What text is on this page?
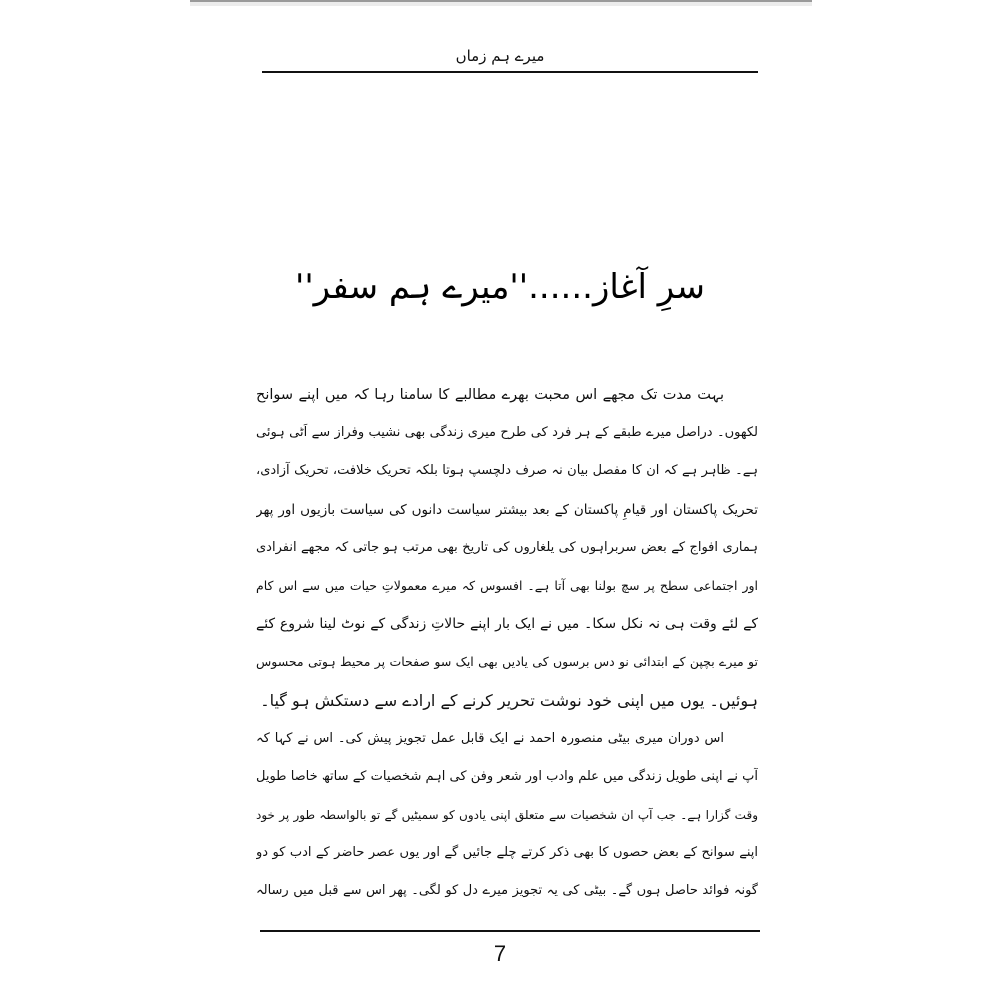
میرے ہم زماں
سرِ آغاز......''میرے ہم سفر''
بہت مدت تک مجھے اس محبت بھرے مطالبے کا سامنا رہا کہ میں اپنے سوانح
لکھوں۔ دراصل میرے طبقے کے ہر فرد کی طرح میری زندگی بھی نشیب وفراز سے اَٹی ہوئی
ہے۔ ظاہر ہے کہ ان کا مفصل بیان نہ صرف دلچسپ ہوتا بلکہ تحریک خلافت، تحریک آزادی،
تحریک پاکستان اور قیامِ پاکستان کے بعد بیشتر سیاست دانوں کی سیاست بازیوں اور پھر
ہماری افواج کے بعض سربراہوں کی یلغاروں کی تاریخ بھی مرتب ہو جاتی کہ مجھے انفرادی
اور اجتماعی سطح پر سچ بولنا بھی آتا ہے۔ افسوس کہ میرے معمولاتِ حیات میں سے اس کام
کے لئے وقت ہی نہ نکل سکا۔ میں نے ایک بار اپنے حالاتِ زندگی کے نوٹ لینا شروع کئے
تو میرے بچپن کے ابتدائی نو دس برسوں کی یادیں بھی ایک سو صفحات پر محیط ہوتی محسوس
ہوئیں۔ یوں میں اپنی خود نوشت تحریر کرنے کے ارادے سے دستکش ہو گیا۔
اس دوران میری بیٹی منصورہ احمد نے ایک قابل عمل تجویز پیش کی۔ اس نے کہا کہ
آپ نے اپنی طویل زندگی میں علم وادب اور شعر وفن کی اہم شخصیات کے ساتھ خاصا طویل
وقت گزارا ہے۔ جب آپ ان شخصیات سے متعلق اپنی یادوں کو سمیٹیں گے تو بالواسطہ طور پر خود
اپنے سوانح کے بعض حصوں کا بھی ذکر کرتے چلے جائیں گے اور یوں عصر حاضر کے ادب کو دو
گونہ فوائد حاصل ہوں گے۔ بیٹی کی یہ تجویز میرے دل کو لگی۔ پھر اس سے قبل میں رسالہ
7
